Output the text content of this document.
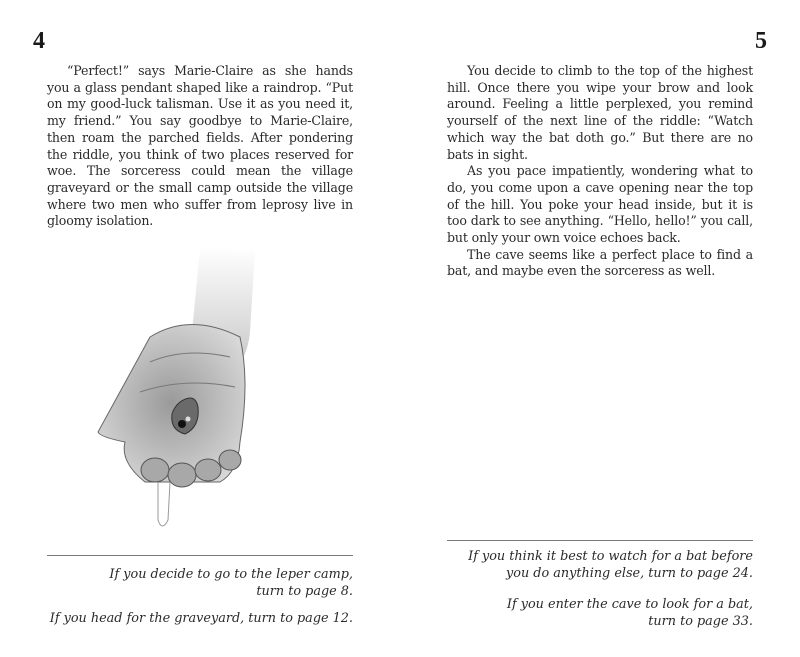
4

“Perfect!” says Marie-Claire as she hands you a glass pendant shaped like a raindrop. “Put on my good-luck talisman. Use it as you need it, my friend.” You say goodbye to Marie-Claire, then roam the parched fields. After pondering the riddle, you think of two places reserved for woe. The sorceress could mean the village graveyard or the small camp outside the village where two men who suffer from leprosy live in gloomy isolation.

If you decide to go to the leper camp,
turn to page 8.
If you head for the graveyard, turn to page 12.
5

You decide to climb to the top of the highest hill. Once there you wipe your brow and look around. Feeling a little perplexed, you remind yourself of the next line of the riddle: “Watch which way the bat doth go.” But there are no bats in sight.

As you pace impatiently, wondering what to do, you come upon a cave opening near the top of the hill. You poke your head inside, but it is too dark to see anything. “Hello, hello!” you call, but only your own voice echoes back.

The cave seems like a perfect place to find a bat, and maybe even the sorceress as well.

If you think it best to watch for a bat before
you do anything else, turn to page 24.
If you enter the cave to look for a bat,
turn to page 33.
